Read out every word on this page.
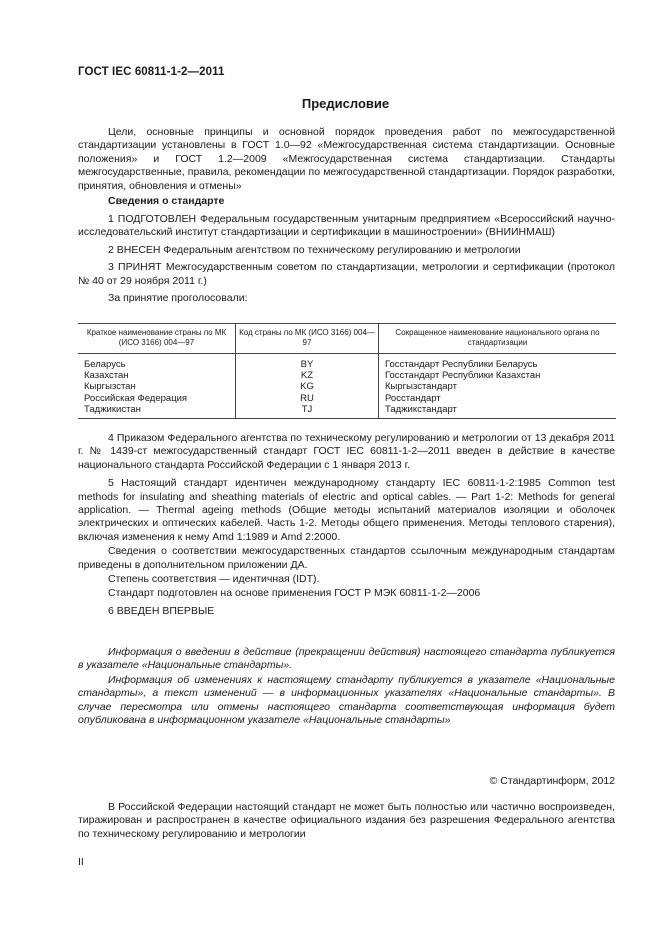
ГОСТ IEC 60811-1-2—2011
Предисловие

Цели, основные принципы и основной порядок проведения работ по межгосударственной стандартизации установлены в ГОСТ 1.0—92 «Межгосударственная система стандартизации. Основные положения» и ГОСТ 1.2—2009 «Межгосударственная система стандартизации. Стандарты межгосударственные, правила, рекомендации по межгосударственной стандартизации. Порядок разработки, принятия, обновления и отмены»

Сведения о стандарте

1 ПОДГОТОВЛЕН Федеральным государственным унитарным предприятием «Всероссийский научно-исследовательский институт стандартизации и сертификации в машиностроении» (ВНИИНМАШ)

2 ВНЕСЕН Федеральным агентством по техническому регулированию и метрологии

3 ПРИНЯТ Межгосударственным советом по стандартизации, метрологии и сертификации (протокол № 40 от 29 ноября 2011 г.)

За принятие проголосовали:

Краткое наименование страны по МК (ИСО 3166) 004—97	Код страны по МК (ИСО 3166) 004—97	Сокращенное наименование национального органа по стандартизации
Беларусь	BY	Госстандарт Республики Беларусь
Казахстан	KZ	Госстандарт Республики Казахстан
Кыргызстан	KG	Кыргызстандарт
Российская Федерация	RU	Росстандарт
Таджикистан	TJ	Таджикстандарт

4 Приказом Федерального агентства по техническому регулированию и метрологии от 13 декабря 2011 г. № 1439-ст межгосударственный стандарт ГОСТ IEC 60811-1-2—2011 введен в действие в качестве национального стандарта Российской Федерации с 1 января 2013 г.

5 Настоящий стандарт идентичен международному стандарту IEC 60811-1-2:1985 Common test methods for insulating and sheathing materials of electric and optical cables. — Part 1-2: Methods for general application. — Thermal ageing methods (Общие методы испытаний материалов изоляции и оболочек электрических и оптических кабелей. Часть 1-2. Методы общего применения. Методы теплового старения), включая изменения к нему Amd 1:1989 и Amd 2:2000.

Сведения о соответствии межгосударственных стандартов ссылочным международным стандартам приведены в дополнительном приложении ДА.

Степень соответствия — идентичная (IDT).

Стандарт подготовлен на основе применения ГОСТ Р МЭК 60811-1-2—2006

6 ВВЕДЕН ВПЕРВЫЕ

Информация о введении в действие (прекращении действия) настоящего стандарта публикуется в указателе «Национальные стандарты».

Информация об изменениях к настоящему стандарту публикуется в указателе «Национальные стандарты», а текст изменений — в информационных указателях «Национальные стандарты». В случае пересмотра или отмены настоящего стандарта соответствующая информация будет опубликована в информационном указателе «Национальные стандарты»

© Стандартинформ, 2012

В Российской Федерации настоящий стандарт не может быть полностью или частично воспроизведен, тиражирован и распространен в качестве официального издания без разрешения Федерального агентства по техническому регулированию и метрологии

II
